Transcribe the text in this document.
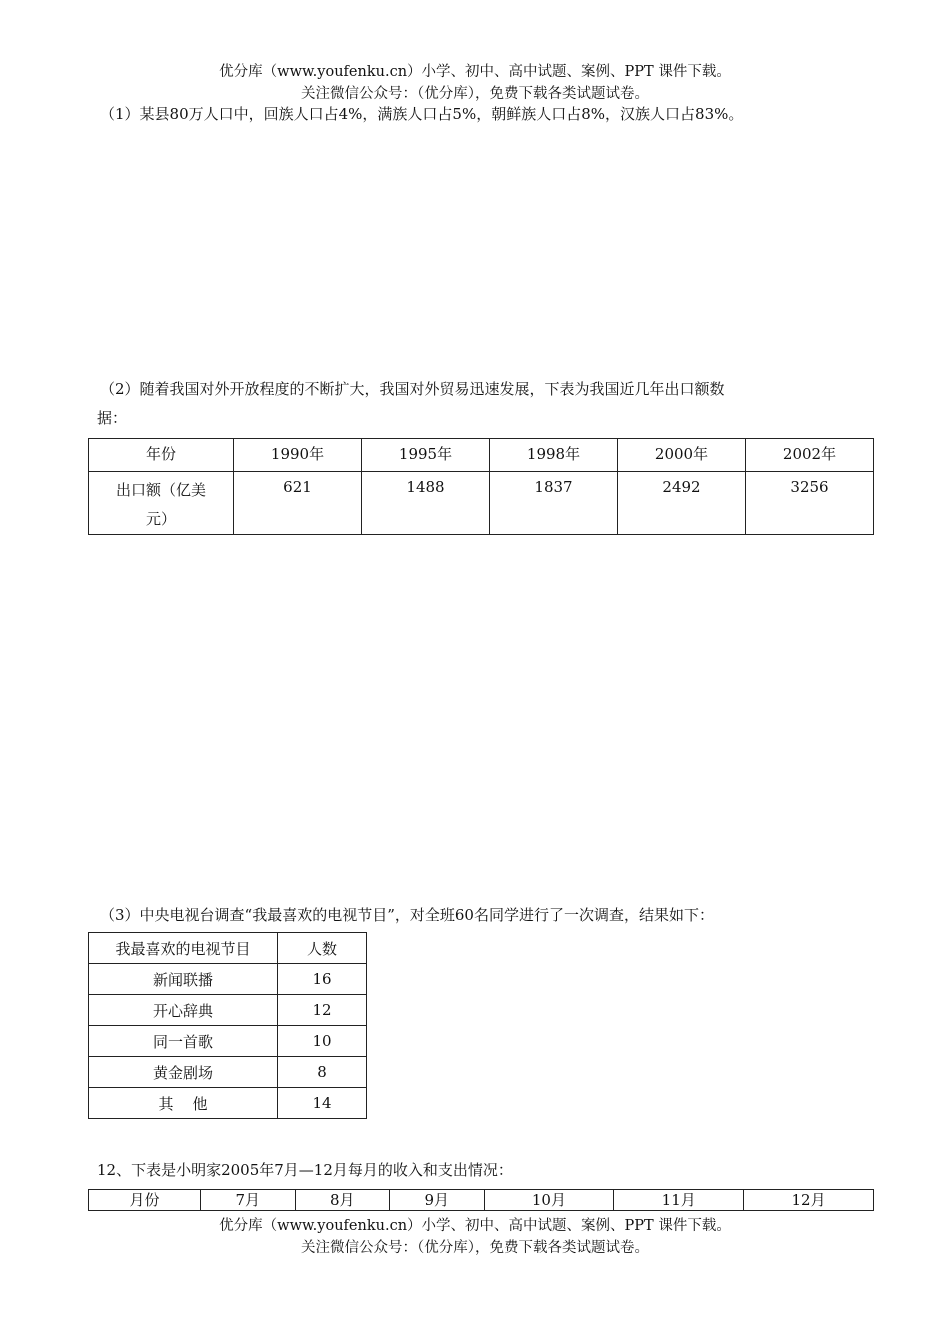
优分库（www.youfenku.cn）小学、初中、高中试题、案例、PPT 课件下载。
关注微信公众号：（优分库），免费下载各类试题试卷。
（1）某县80万人口中，回族人口占4%，满族人口占5%，朝鲜族人口占8%，汉族人口占83%。
（2）随着我国对外开放程度的不断扩大，我国对外贸易迅速发展，下表为我国近几年出口额数
据：
年份	1990年	1995年	1998年	2000年	2002年

出口额（亿美
元）	621	1488	1837	2492	3256
（3）中央电视台调查“我最喜欢的电视节目”，对全班60名同学进行了一次调查，结果如下：
我最喜欢的电视节目	人数
新闻联播	16
开心辞典	12
同一首歌	10
黄金剧场	8
其    他	14
12、下表是小明家2005年7月—12月每月的收入和支出情况：
月份	7月	8月	9月	10月	11月	12月
优分库（www.youfenku.cn）小学、初中、高中试题、案例、PPT 课件下载。
关注微信公众号：（优分库），免费下载各类试题试卷。
